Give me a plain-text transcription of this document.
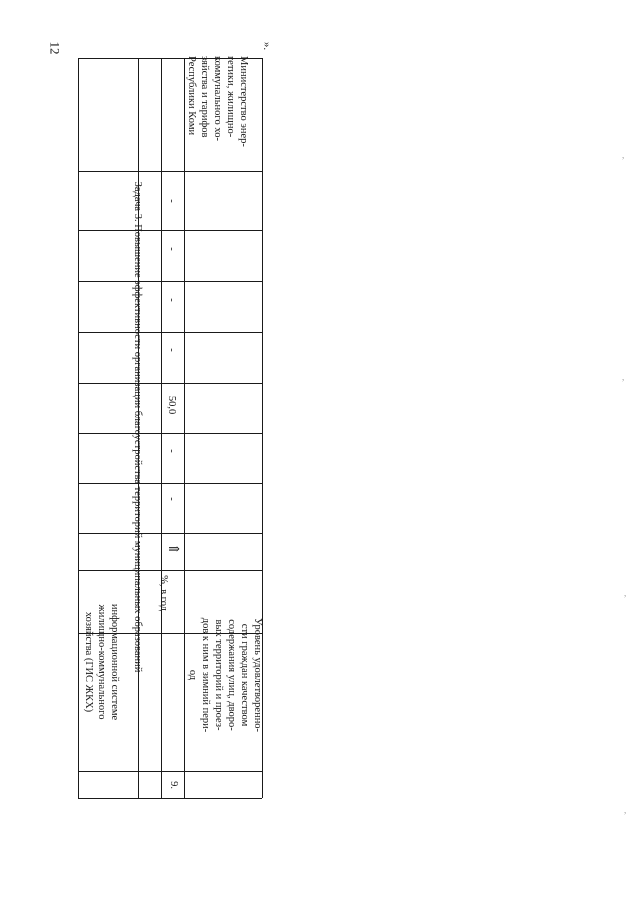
12	».
,
,
,
,
информационной системе
жилищно-коммунального
хозяйства (ГИС ЖКХ)
Задача 3. Повышение эффективности организации благоустройства территорий муниципальных образований
9.
Уровень удовлетворенно-
сти граждан качеством
содержания улиц, дворо-
вых территорий и проез-
дов к ним в зимний пери-
од
%, в год
⇑
-
-
50,0
-
-
-
-
Министерство энер-
гетики, жилищно-
коммунального хо-
зяйства и тарифов
Республики Коми
